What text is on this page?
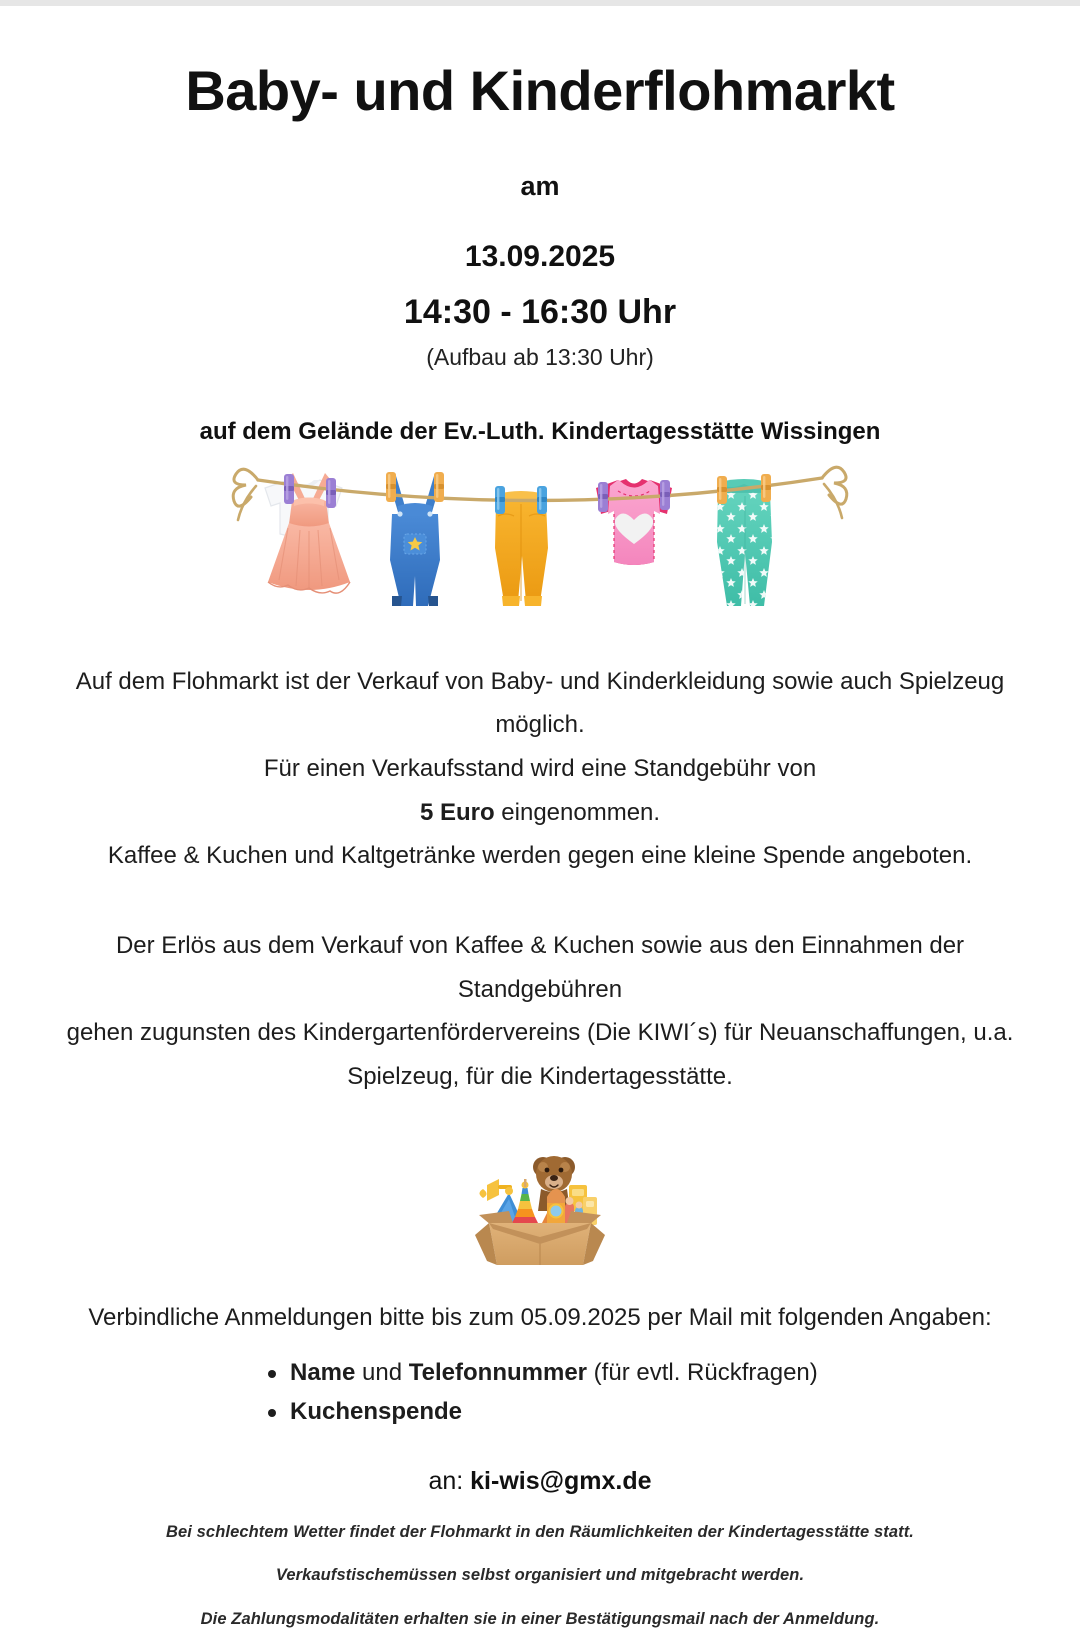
Baby- und Kinderflohmarkt
am
13.09.2025
14:30 - 16:30 Uhr
(Aufbau ab 13:30 Uhr)
auf dem Gelände der Ev.-Luth. Kindertagesstätte Wissingen
Auf dem Flohmarkt ist der Verkauf von Baby- und Kinderkleidung sowie auch Spielzeug
möglich.
Für einen Verkaufsstand wird eine Standgebühr von
5 Euro eingenommen.
Kaffee & Kuchen und Kaltgetränke werden gegen eine kleine Spende angeboten.
Der Erlös aus dem Verkauf von Kaffee & Kuchen sowie aus den Einnahmen der Standgebühren
gehen zugunsten des Kindergartenfördervereins (Die KIWI´s) für Neuanschaffungen, u.a.
Spielzeug, für die Kindertagesstätte.
Verbindliche Anmeldungen bitte bis zum 05.09.2025 per Mail mit folgenden Angaben:
Name und Telefonnummer (für evtl. Rückfragen)
Kuchenspende
an: ki-wis@gmx.de
Bei schlechtem Wetter findet der Flohmarkt in den Räumlichkeiten der Kindertagesstätte statt.
Verkaufstischemüssen selbst organisiert und mitgebracht werden.
Die Zahlungsmodalitäten erhalten sie in einer Bestätigungsmail nach der Anmeldung.
